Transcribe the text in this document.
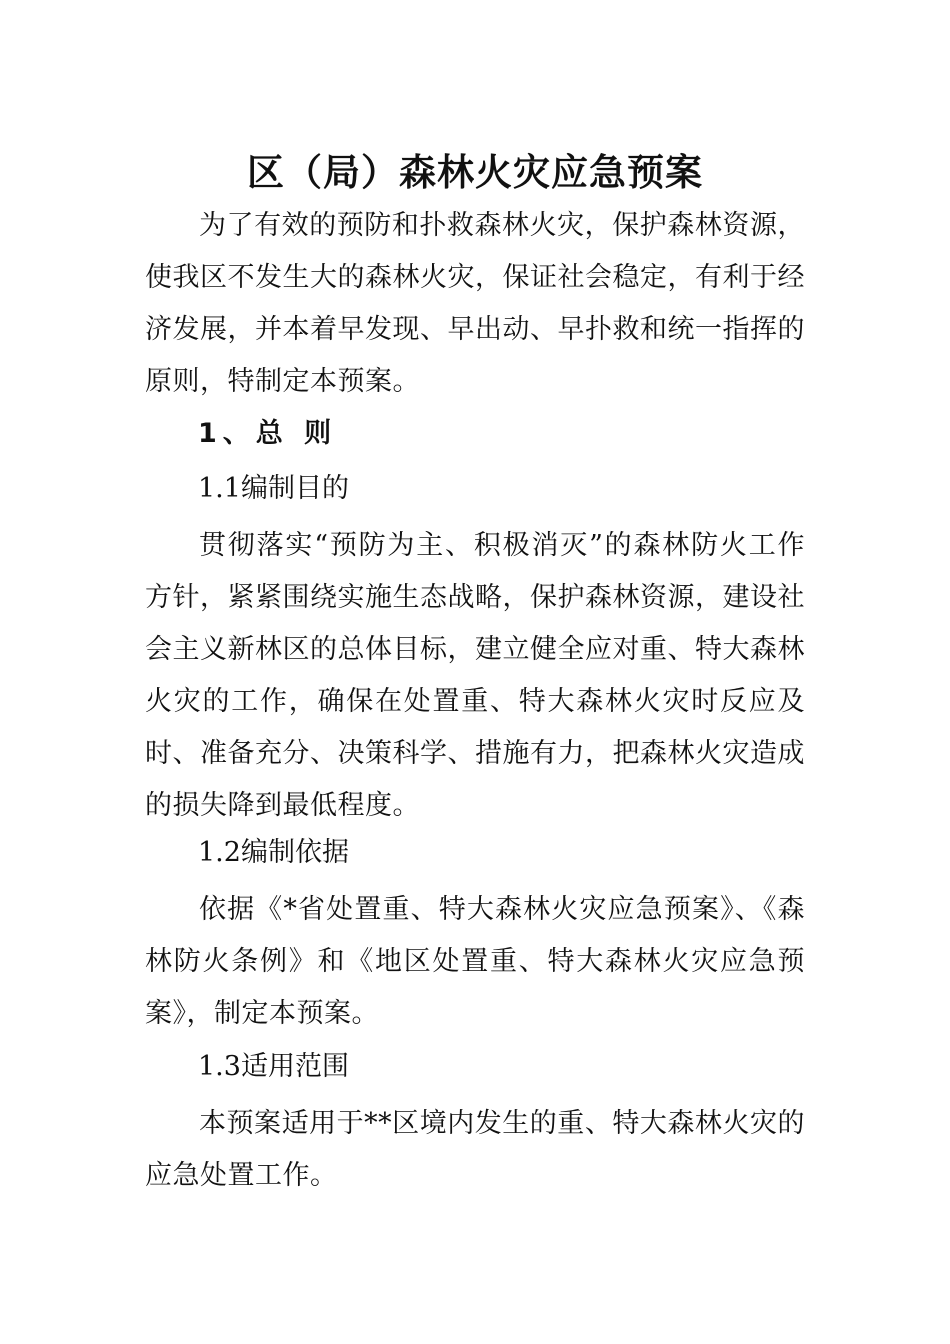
区（局）森林火灾应急预案

为了有效的预防和扑救森林火灾，保护森林资源，使我区不发生大的森林火灾，保证社会稳定，有利于经济发展，并本着早发现、早出动、早扑救和统一指挥的原则，特制定本预案。

1、总 则

1.1编制目的

贯彻落实“预防为主、积极消灭”的森林防火工作方针，紧紧围绕实施生态战略，保护森林资源，建设社会主义新林区的总体目标，建立健全应对重、特大森林火灾的工作，确保在处置重、特大森林火灾时反应及时、准备充分、决策科学、措施有力，把森林火灾造成的损失降到最低程度。

1.2编制依据

依据《*省处置重、特大森林火灾应急预案》、《森林防火条例》和《地区处置重、特大森林火灾应急预案》，制定本预案。

1.3适用范围

本预案适用于**区境内发生的重、特大森林火灾的应急处置工作。
